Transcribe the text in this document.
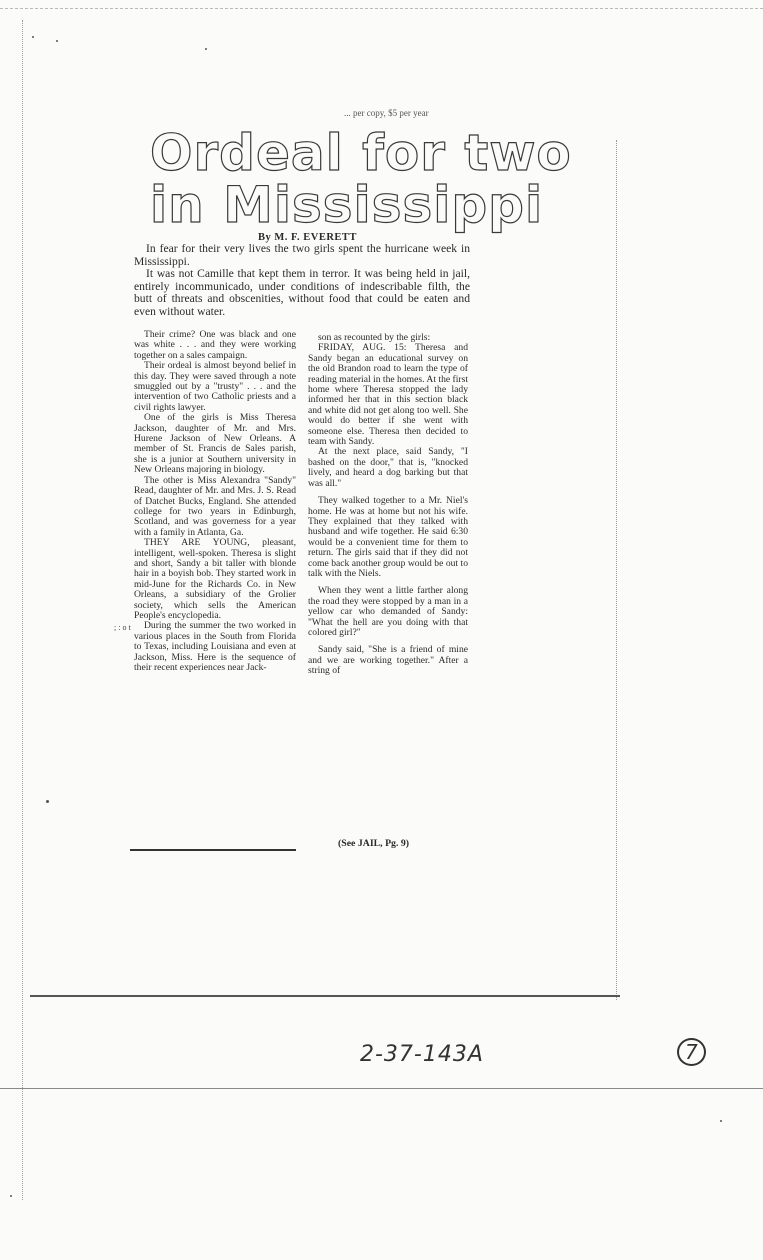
... per copy, $5 per year
Ordeal for two
in Mississippi
By M. F. EVERETT

In fear for their very lives the two girls spent the hurricane week in Mississippi.

It was not Camille that kept them in terror. It was being held in jail, entirely incommunicado, under conditions of indescribable filth, the butt of threats and obscenities, without food that could be eaten and even without water.

Their crime? One was black and one was white . . . and they were working together on a sales campaign.

Their ordeal is almost beyond belief in this day. They were saved through a note smuggled out by a "trusty" . . . and the intervention of two Catholic priests and a civil rights lawyer.

One of the girls is Miss Theresa Jackson, daughter of Mr. and Mrs. Hurene Jackson of New Orleans. A member of St. Francis de Sales parish, she is a junior at Southern university in New Orleans majoring in biology.

The other is Miss Alexandra "Sandy" Read, daughter of Mr. and Mrs. J. S. Read of Datchet Bucks, England. She attended college for two years in Edinburgh, Scotland, and was governess for a year with a family in Atlanta, Ga.

THEY ARE YOUNG, pleasant, intelligent, well-spoken. Theresa is slight and short, Sandy a bit taller with blonde hair in a boyish bob. They started work in mid-June for the Richards Co. in New Orleans, a subsidiary of the Grolier society, which sells the American People's encyclopedia.

During the summer the two worked in various places in the South from Florida to Texas, including Louisiana and even at Jackson, Miss. Here is the sequence of their recent experiences near Jack-

son as recounted by the girls:

FRIDAY, AUG. 15: Theresa and Sandy began an educational survey on the old Brandon road to learn the type of reading material in the homes. At the first home where Theresa stopped the lady informed her that in this section black and white did not get along too well. She would do better if she went with someone else. Theresa then decided to team with Sandy.

At the next place, said Sandy, "I bashed on the door," that is, "knocked lively, and heard a dog barking but that was all."

They walked together to a Mr. Niel's home. He was at home but not his wife. They explained that they talked with husband and wife together. He said 6:30 would be a convenient time for them to return. The girls said that if they did not come back another group would be out to talk with the Niels.

When they went a little farther along the road they were stopped by a man in a yellow car who demanded of Sandy: "What the hell are you doing with that colored girl?"

Sandy said, "She is a friend of mine and we are working together." After a string of

(See JAIL, Pg. 9)
; : o t
2-37-143A	7
